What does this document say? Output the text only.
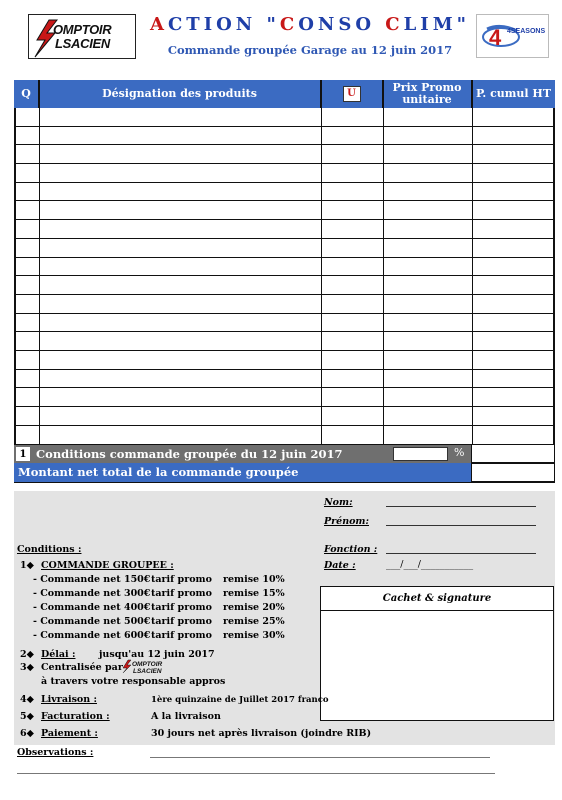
OMPTOIR
LSACIEN
ACTION "CONSO CLIM"
Commande groupée Garage au 12 juin 2017	4 4SEASONS
Q	Désignation des produits	U	Prix Promo unitaire	P. cumul HT
1 Conditions commande groupée du 12 juin 2017	%
Montant net total de la commande groupée
Nom:
Prénom:
Conditions :	Fonction :
Date :	___/___/___________
Cachet & signature
1◆ COMMANDE GROUPEE :
- Commande net 150€ tarif promo remise 10%
- Commande net 300€ tarif promo remise 15%
- Commande net 400€ tarif promo remise 20%
- Commande net 500€ tarif promo remise 25%
- Commande net 600€ tarif promo remise 30%
2◆ Délai : jusqu'au 12 juin 2017
3◆ Centralisée par OMPTOIR
LSACIEN
à travers votre responsable appros
4◆ Livraison :	1ère quinzaine de Juillet 2017 franco
5◆ Facturation :	A la livraison
6◆ Paiement :	30 jours net après livraison (joindre RIB)
Observations :
